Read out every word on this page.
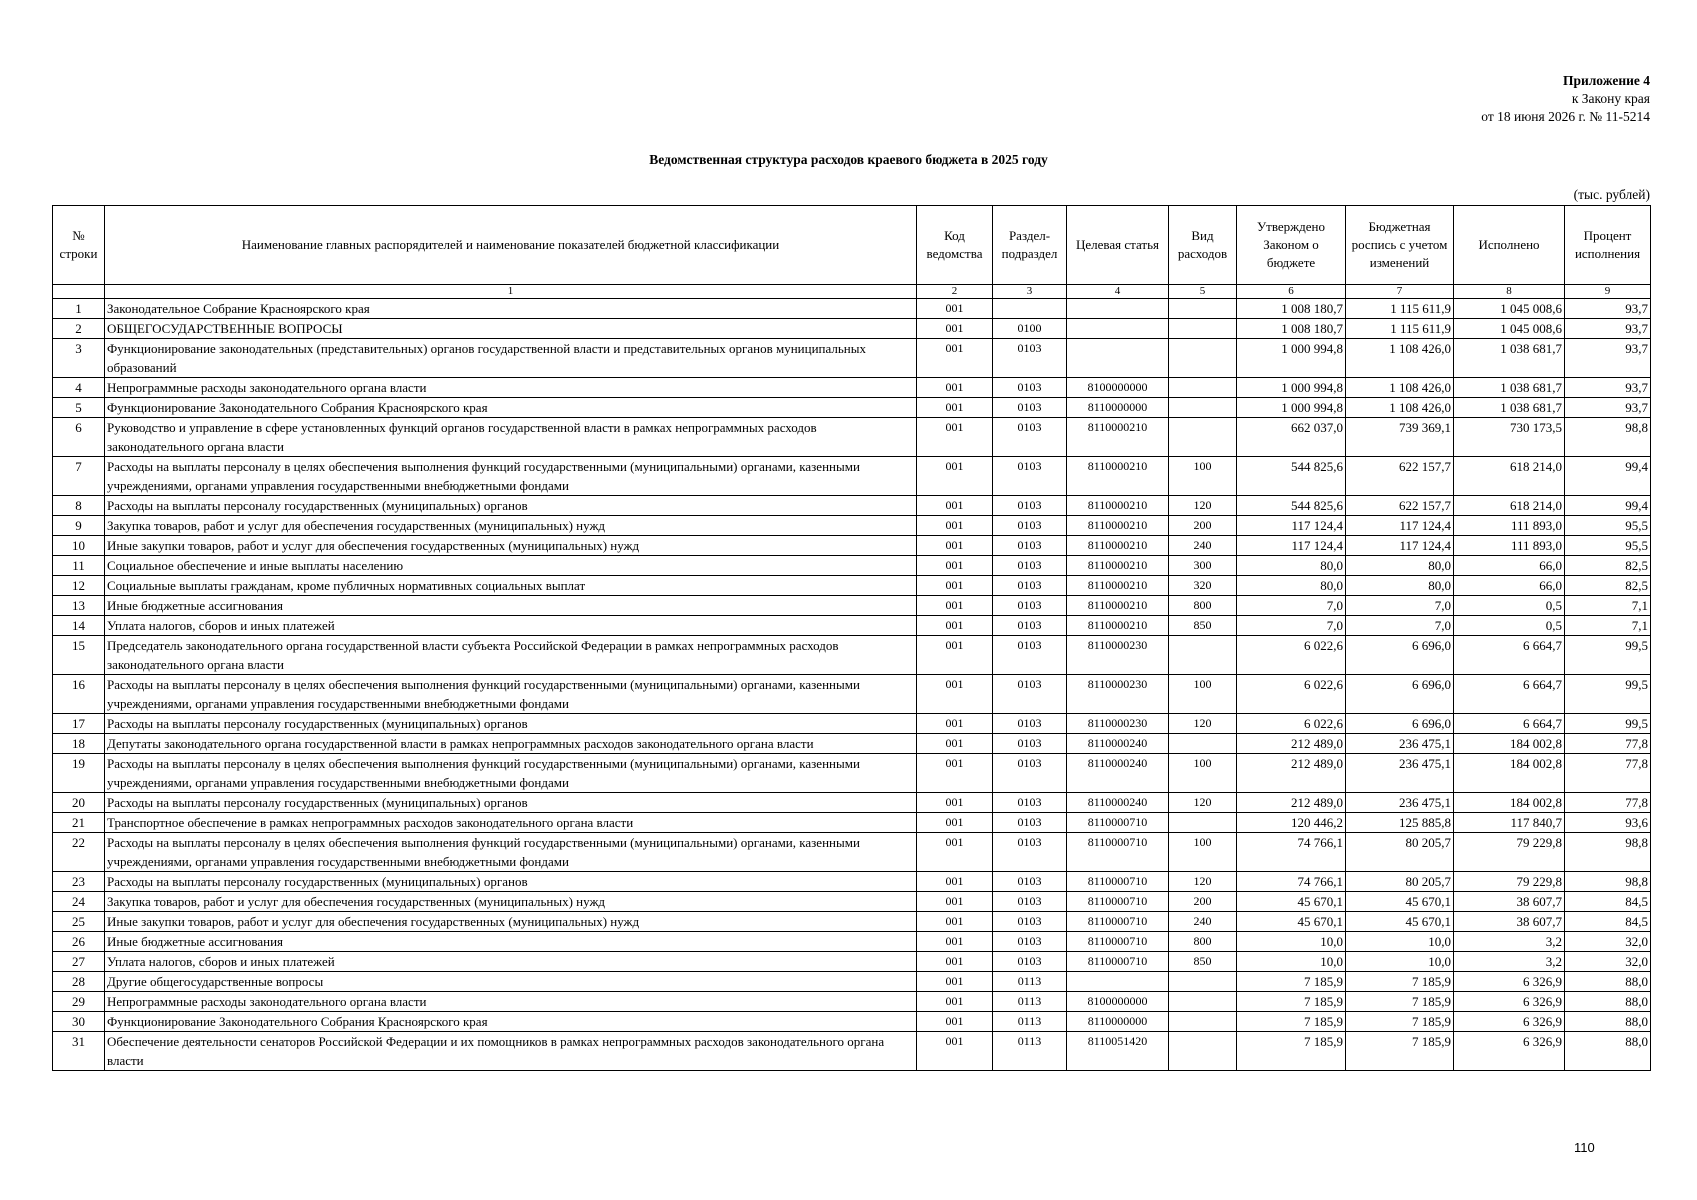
Приложение 4
к Закону края
от 18 июня 2026 г. № 11-5214
Ведомственная структура расходов краевого бюджета в 2025 году
(тыс. рублей)
№ строки	Наименование главных распорядителей и наименование показателей бюджетной классификации	Код ведомства	Раздел-подраздел	Целевая статья	Вид расходов	Утверждено Законом о бюджете	Бюджетная роспись с учетом изменений	Исполнено	Процент исполнения
	1	2	3	4	5	6	7	8	9
1	Законодательное Собрание Красноярского края	001				1 008 180,7	1 115 611,9	1 045 008,6	93,7
2	ОБЩЕГОСУДАРСТВЕННЫЕ ВОПРОСЫ	001	0100			1 008 180,7	1 115 611,9	1 045 008,6	93,7
3	Функционирование законодательных (представительных) органов государственной власти и представительных органов муниципальных образований	001	0103			1 000 994,8	1 108 426,0	1 038 681,7	93,7
4	Непрограммные расходы законодательного органа власти	001	0103	8100000000		1 000 994,8	1 108 426,0	1 038 681,7	93,7
5	Функционирование Законодательного Собрания Красноярского края	001	0103	8110000000		1 000 994,8	1 108 426,0	1 038 681,7	93,7
6	Руководство и управление в сфере установленных функций органов государственной власти в рамках непрограммных расходов законодательного органа власти	001	0103	8110000210		662 037,0	739 369,1	730 173,5	98,8
7	Расходы на выплаты персоналу в целях обеспечения выполнения функций государственными (муниципальными) органами, казенными учреждениями, органами управления государственными внебюджетными фондами	001	0103	8110000210	100	544 825,6	622 157,7	618 214,0	99,4
8	Расходы на выплаты персоналу государственных (муниципальных) органов	001	0103	8110000210	120	544 825,6	622 157,7	618 214,0	99,4
9	Закупка товаров, работ и услуг для обеспечения государственных (муниципальных) нужд	001	0103	8110000210	200	117 124,4	117 124,4	111 893,0	95,5
10	Иные закупки товаров, работ и услуг для обеспечения государственных (муниципальных) нужд	001	0103	8110000210	240	117 124,4	117 124,4	111 893,0	95,5
11	Социальное обеспечение и иные выплаты населению	001	0103	8110000210	300	80,0	80,0	66,0	82,5
12	Социальные выплаты гражданам, кроме публичных нормативных социальных выплат	001	0103	8110000210	320	80,0	80,0	66,0	82,5
13	Иные бюджетные ассигнования	001	0103	8110000210	800	7,0	7,0	0,5	7,1
14	Уплата налогов, сборов и иных платежей	001	0103	8110000210	850	7,0	7,0	0,5	7,1
15	Председатель законодательного органа государственной власти субъекта Российской Федерации в рамках непрограммных расходов законодательного органа власти	001	0103	8110000230		6 022,6	6 696,0	6 664,7	99,5
16	Расходы на выплаты персоналу в целях обеспечения выполнения функций государственными (муниципальными) органами, казенными учреждениями, органами управления государственными внебюджетными фондами	001	0103	8110000230	100	6 022,6	6 696,0	6 664,7	99,5
17	Расходы на выплаты персоналу государственных (муниципальных) органов	001	0103	8110000230	120	6 022,6	6 696,0	6 664,7	99,5
18	Депутаты законодательного органа государственной власти в рамках непрограммных расходов законодательного органа власти	001	0103	8110000240		212 489,0	236 475,1	184 002,8	77,8
19	Расходы на выплаты персоналу в целях обеспечения выполнения функций государственными (муниципальными) органами, казенными учреждениями, органами управления государственными внебюджетными фондами	001	0103	8110000240	100	212 489,0	236 475,1	184 002,8	77,8
20	Расходы на выплаты персоналу государственных (муниципальных) органов	001	0103	8110000240	120	212 489,0	236 475,1	184 002,8	77,8
21	Транспортное обеспечение в рамках непрограммных расходов законодательного органа власти	001	0103	8110000710		120 446,2	125 885,8	117 840,7	93,6
22	Расходы на выплаты персоналу в целях обеспечения выполнения функций государственными (муниципальными) органами, казенными учреждениями, органами управления государственными внебюджетными фондами	001	0103	8110000710	100	74 766,1	80 205,7	79 229,8	98,8
23	Расходы на выплаты персоналу государственных (муниципальных) органов	001	0103	8110000710	120	74 766,1	80 205,7	79 229,8	98,8
24	Закупка товаров, работ и услуг для обеспечения государственных (муниципальных) нужд	001	0103	8110000710	200	45 670,1	45 670,1	38 607,7	84,5
25	Иные закупки товаров, работ и услуг для обеспечения государственных (муниципальных) нужд	001	0103	8110000710	240	45 670,1	45 670,1	38 607,7	84,5
26	Иные бюджетные ассигнования	001	0103	8110000710	800	10,0	10,0	3,2	32,0
27	Уплата налогов, сборов и иных платежей	001	0103	8110000710	850	10,0	10,0	3,2	32,0
28	Другие общегосударственные вопросы	001	0113			7 185,9	7 185,9	6 326,9	88,0
29	Непрограммные расходы законодательного органа власти	001	0113	8100000000		7 185,9	7 185,9	6 326,9	88,0
30	Функционирование Законодательного Собрания Красноярского края	001	0113	8110000000		7 185,9	7 185,9	6 326,9	88,0
31	Обеспечение деятельности сенаторов Российской Федерации и их помощников в рамках непрограммных расходов законодательного органа власти	001	0113	8110051420		7 185,9	7 185,9	6 326,9	88,0
110
